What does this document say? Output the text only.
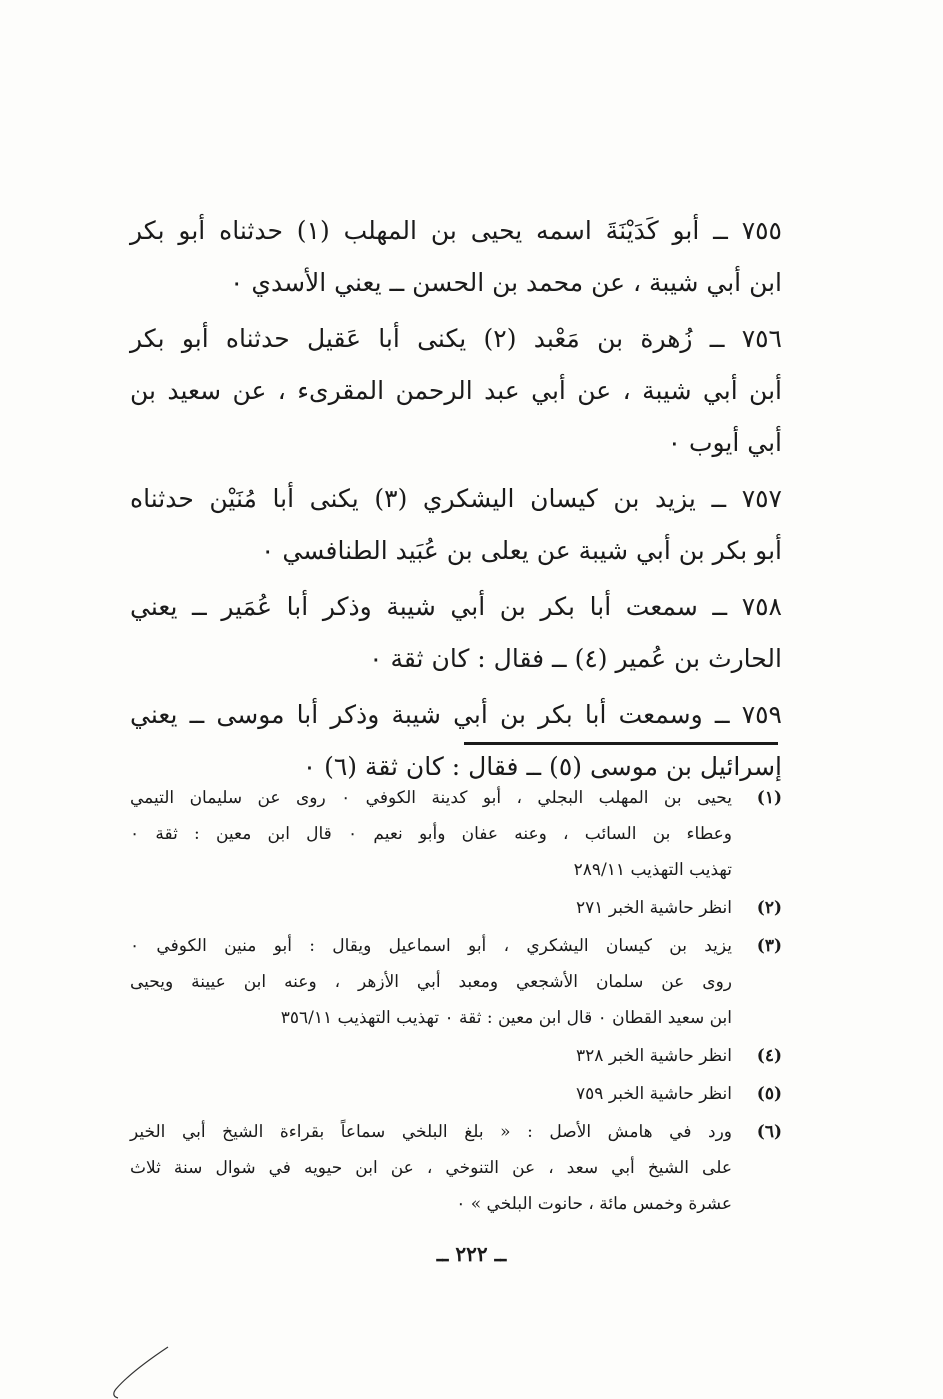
٧٥٥ ــ أبو كَدَيْنَةَ اسمه يحيى بن المهلب (١) حدثناه أبو بكر
ابن أبي شيبة ، عن محمد بن الحسن ــ يعني الأسدي ٠

٧٥٦ ــ زُهرة بن مَعْبد (٢) يكنى أبا عَقيل حدثناه أبو بكر
أبن أبي شيبة ، عن أبي عبد الرحمن المقرىء ، عن سعيد بن أبي أيوب ٠

٧٥٧ ــ يزيد بن كيسان اليشكري (٣) يكنى أبا مُنَيْن حدثناه
أبو بكر بن أبي شيبة عن يعلى بن عُبَيد الطنافسي ٠

٧٥٨ ــ سمعت أبا بكر بن أبي شيبة وذكر أبا عُمَير ــ يعني
الحارث بن عُمير (٤) ــ فقال : كان ثقة ٠

٧٥٩ ــ وسمعت أبا بكر بن أبي شيبة وذكر أبا موسى ــ يعني
إسرائيل بن موسى (٥) ــ فقال : كان ثقة (٦) ٠

(١)
يحيى بن المهلب البجلي ، أبو كدينة الكوفي ٠ روى عن سليمان التيمي
وعطاء بن السائب ، وعنه عفان وأبو نعيم ٠ قال ابن معين : ثقة ٠
تهذيب التهذيب ٢٨٩/١١
(٢)
انظر حاشية الخبر ٢٧١
(٣)
يزيد بن كيسان اليشكري ، أبو اسماعيل ويقال : أبو منين الكوفي ٠
روى عن سلمان الأشجعي ومعبد أبي الأزهر ، وعنه ابن عيينة ويحيى
ابن سعيد القطان ٠ قال ابن معين : ثقة ٠ تهذيب التهذيب ٣٥٦/١١
(٤)
انظر حاشية الخبر ٣٢٨
(٥)
انظر حاشية الخبر ٧٥٩
(٦)
ورد في هامش الأصل : « بلغ البلخي سماعاً بقراءة الشيخ أبي الخير
على الشيخ أبي سعد ، عن التنوخي ، عن ابن حيويه في شوال سنة ثلاث
عشرة وخمس مائة ، حانوت البلخي » ٠
ــ ٢٢٢ ــ
